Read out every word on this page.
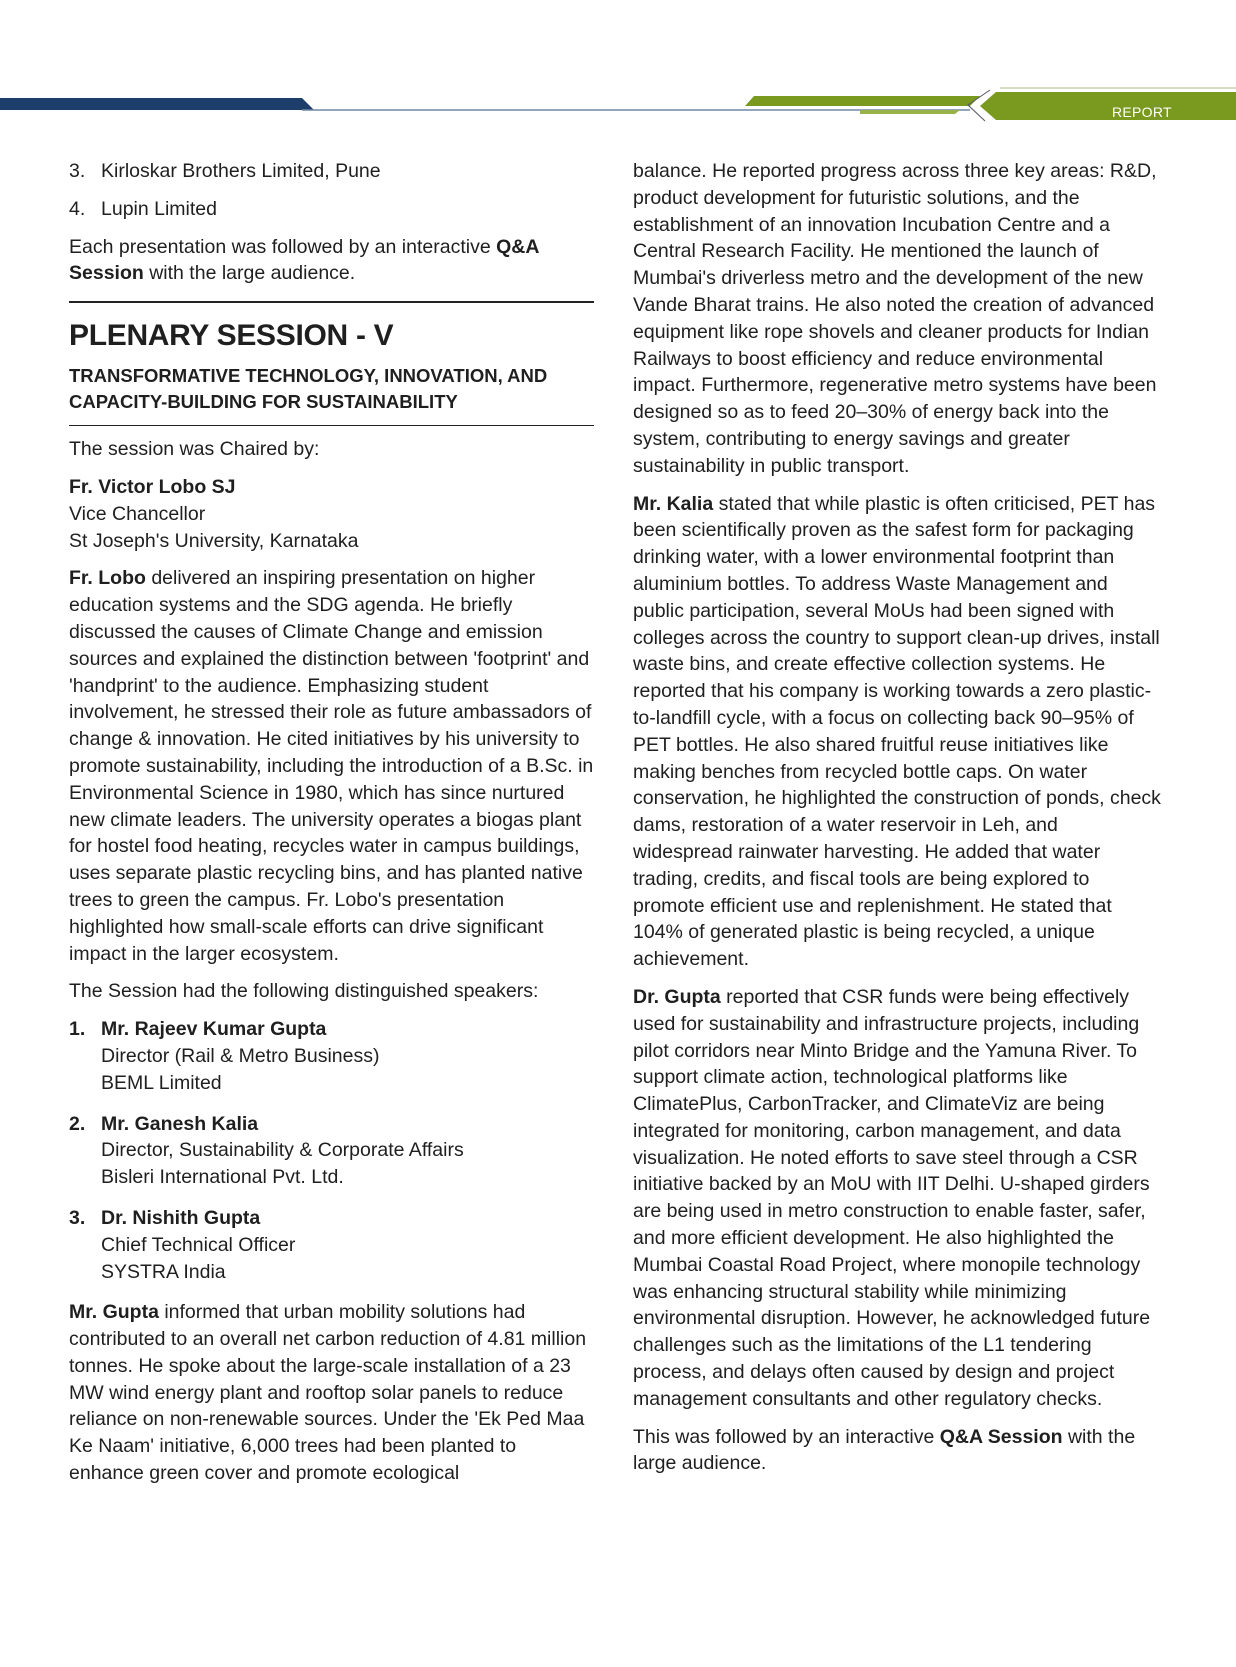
REPORT
3. Kirloskar Brothers Limited, Pune
4. Lupin Limited

Each presentation was followed by an interactive Q&A Session with the large audience.

PLENARY SESSION - V
TRANSFORMATIVE TECHNOLOGY, INNOVATION, AND CAPACITY-BUILDING FOR SUSTAINABILITY

The session was Chaired by:

Fr. Victor Lobo SJ

Vice Chancellor

St Joseph's University, Karnataka

Fr. Lobo delivered an inspiring presentation on higher education systems and the SDG agenda. He briefly discussed the causes of Climate Change and emission sources and explained the distinction between 'footprint' and 'handprint' to the audience. Emphasizing student involvement, he stressed their role as future ambassadors of change & innovation. He cited initiatives by his university to promote sustainability, including the introduction of a B.Sc. in Environmental Science in 1980, which has since nurtured new climate leaders. The university operates a biogas plant for hostel food heating, recycles water in campus buildings, uses separate plastic recycling bins, and has planted native trees to green the campus. Fr. Lobo's presentation highlighted how small-scale efforts can drive significant impact in the larger ecosystem.

The Session had the following distinguished speakers:

1. Mr. Rajeev Kumar Gupta

Director (Rail & Metro Business)

BEML Limited

2. Mr. Ganesh Kalia

Director, Sustainability & Corporate Affairs

Bisleri International Pvt. Ltd.

3. Dr. Nishith Gupta

Chief Technical Officer

SYSTRA India

Mr. Gupta informed that urban mobility solutions had contributed to an overall net carbon reduction of 4.81 million tonnes. He spoke about the large-scale installation of a 23 MW wind energy plant and rooftop solar panels to reduce reliance on non-renewable sources. Under the 'Ek Ped Maa Ke Naam' initiative, 6,000 trees had been planted to enhance green cover and promote ecological

balance. He reported progress across three key areas: R&D, product development for futuristic solutions, and the establishment of an innovation Incubation Centre and a Central Research Facility. He mentioned the launch of Mumbai's driverless metro and the development of the new Vande Bharat trains. He also noted the creation of advanced equipment like rope shovels and cleaner products for Indian Railways to boost efficiency and reduce environmental impact. Furthermore, regenerative metro systems have been designed so as to feed 20–30% of energy back into the system, contributing to energy savings and greater sustainability in public transport.

Mr. Kalia stated that while plastic is often criticised, PET has been scientifically proven as the safest form for packaging drinking water, with a lower environmental footprint than aluminium bottles. To address Waste Management and public participation, several MoUs had been signed with colleges across the country to support clean-up drives, install waste bins, and create effective collection systems. He reported that his company is working towards a zero plastic-to-landfill cycle, with a focus on collecting back 90–95% of PET bottles. He also shared fruitful reuse initiatives like making benches from recycled bottle caps. On water conservation, he highlighted the construction of ponds, check dams, restoration of a water reservoir in Leh, and widespread rainwater harvesting. He added that water trading, credits, and fiscal tools are being explored to promote efficient use and replenishment. He stated that 104% of generated plastic is being recycled, a unique achievement.

Dr. Gupta reported that CSR funds were being effectively used for sustainability and infrastructure projects, including pilot corridors near Minto Bridge and the Yamuna River. To support climate action, technological platforms like ClimatePlus, CarbonTracker, and ClimateViz are being integrated for monitoring, carbon management, and data visualization. He noted efforts to save steel through a CSR initiative backed by an MoU with IIT Delhi. U-shaped girders are being used in metro construction to enable faster, safer, and more efficient development. He also highlighted the Mumbai Coastal Road Project, where monopile technology was enhancing structural stability while minimizing environmental disruption. However, he acknowledged future challenges such as the limitations of the L1 tendering process, and delays often caused by design and project management consultants and other regulatory checks.

This was followed by an interactive Q&A Session with the large audience.
